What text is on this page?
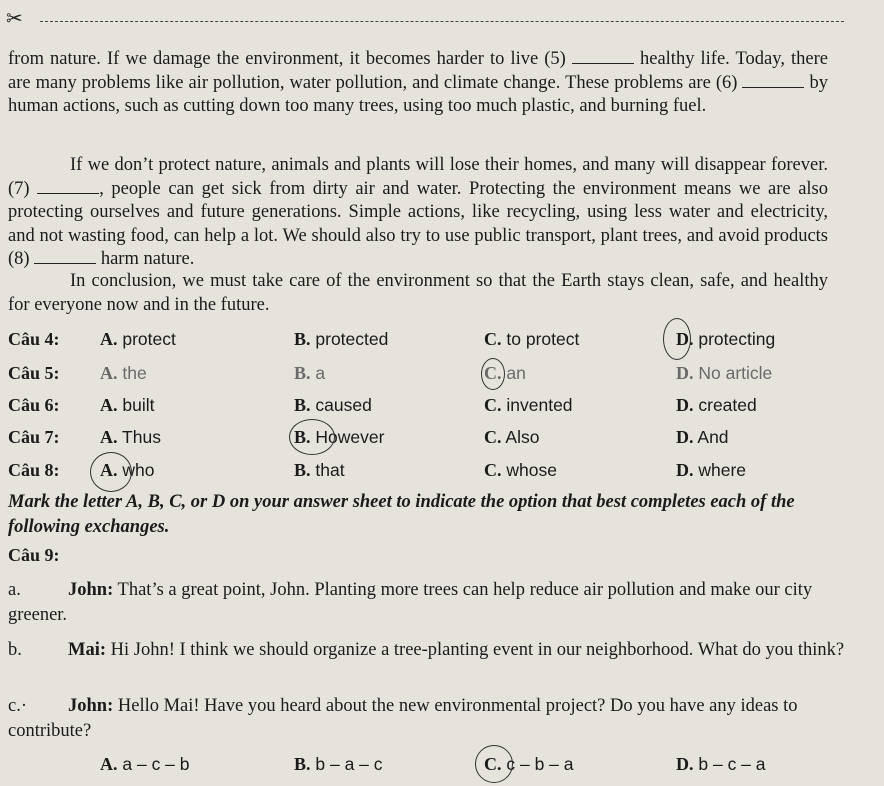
✂

from nature. If we damage the environment, it becomes harder to live (5)	healthy life. Today, there are many problems like air pollution, water pollution, and climate change. These problems are (6)	by human actions, such as cutting down too many trees, using too much plastic, and burning fuel.

If we don’t protect nature, animals and plants will lose their homes, and many will disappear forever. (7)	, people can get sick from dirty air and water. Protecting the environment means we are also protecting ourselves and future generations. Simple actions, like recycling, using less water and electricity, and not wasting food, can help a lot. We should also try to use public transport, plant trees, and avoid products (8)	harm nature.

In conclusion, we must take care of the environment so that the Earth stays clean, safe, and healthy for everyone now and in the future.

Câu 4: A. protect	B. protected	C. to protect	D. protecting
Câu 5: A. the	B. a	C. an	D. No article
Câu 6: A. built	B. caused	C. invented	D. created
Câu 7: A. Thus	B. However	C. Also	D. And
Câu 8: A. who	B. that	C. whose	D. where

Mark the letter A, B, C, or D on your answer sheet to indicate the option that best completes each of the following exchanges.

Câu 9:

a.	John: That’s a great point, John. Planting more trees can help reduce air pollution and make our city greener.

b. Mai: Hi John! I think we should organize a tree-planting event in our neighborhood. What do you think?

c.· John: Hello Mai! Have you heard about the new environmental project? Do you have any ideas to contribute?

A. a – c – b	B. b – a – c	C. c – b – a	D. b – c – a
